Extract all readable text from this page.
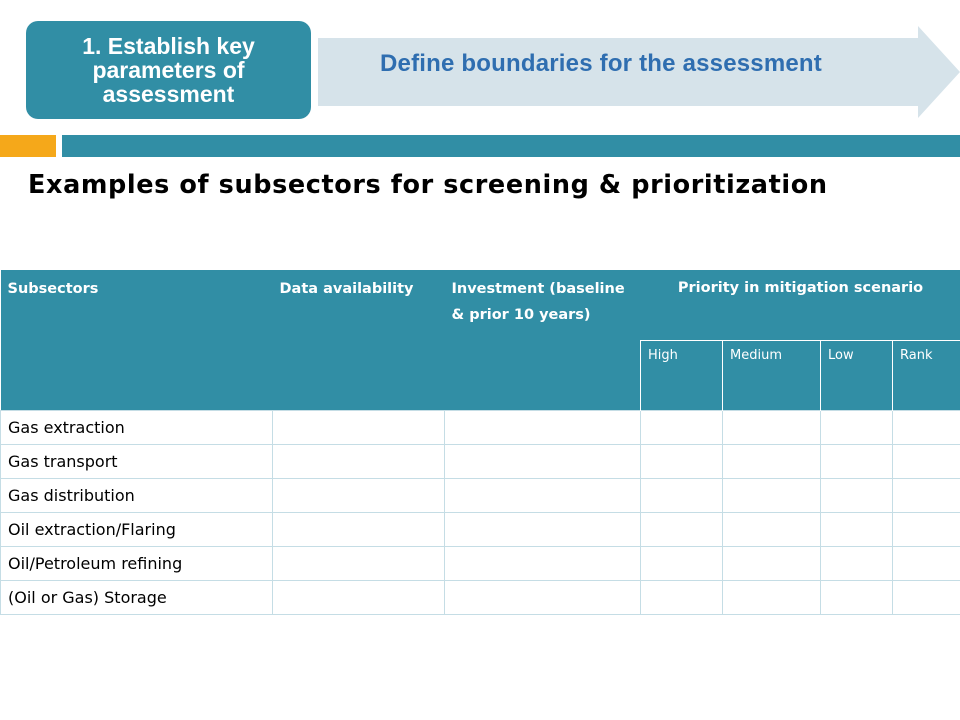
1. Establish key parameters of assessment
Define boundaries for the assessment
Examples of subsectors for screening & prioritization
Subsectors	Data availability	Investment (baseline & prior 10 years)	Priority in mitigation scenario			

			High	Medium	Low	Rank

Gas extraction						
Gas transport						
Gas distribution						
Oil extraction/Flaring						
Oil/Petroleum refining						
(Oil or Gas) Storage						
